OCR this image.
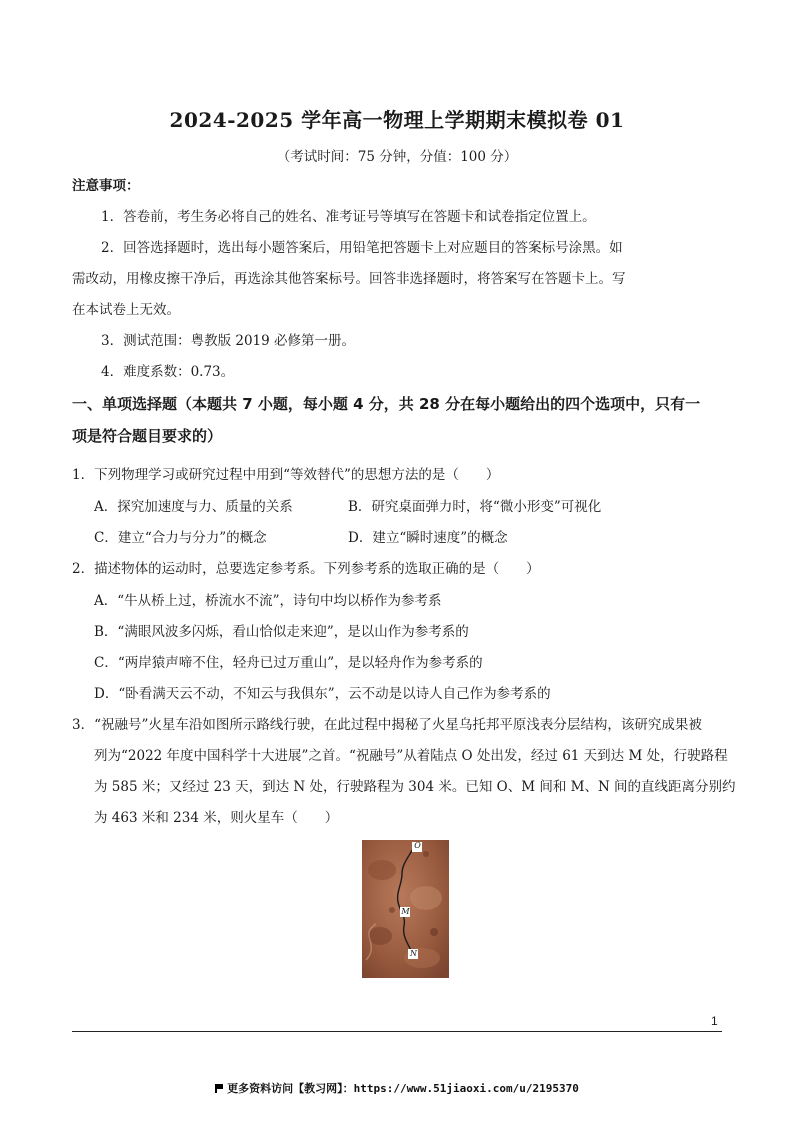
2024-2025 学年高一物理上学期期末模拟卷 01
（考试时间：75 分钟，分值：100 分）
注意事项：
1．答卷前，考生务必将自己的姓名、准考证号等填写在答题卡和试卷指定位置上。
2．回答选择题时，选出每小题答案后，用铅笔把答题卡上对应题目的答案标号涂黑。如
需改动，用橡皮擦干净后，再选涂其他答案标号。回答非选择题时，将答案写在答题卡上。写
在本试卷上无效。
3．测试范围：粤教版 2019 必修第一册。
4．难度系数：0.73。
一、单项选择题（本题共 7 小题，每小题 4 分，共 28 分在每小题给出的四个选项中，只有一
项是符合题目要求的）
1．下列物理学习或研究过程中用到“等效替代”的思想方法的是（　　）
A．探究加速度与力、质量的关系	B．研究桌面弹力时，将“微小形变”可视化
C．建立“合力与分力”的概念	D．建立“瞬时速度”的概念
2．描述物体的运动时，总要选定参考系。下列参考系的选取正确的是（　　）
A．“牛从桥上过，桥流水不流”，诗句中均以桥作为参考系
B．“满眼风波多闪烁，看山恰似走来迎”，是以山作为参考系的
C．“两岸猿声啼不住，轻舟已过万重山”，是以轻舟作为参考系的
D．“卧看满天云不动，不知云与我俱东”，云不动是以诗人自己作为参考系的
3．“祝融号”火星车沿如图所示路线行驶，在此过程中揭秘了火星乌托邦平原浅表分层结构，该研究成果被
列为“2022 年度中国科学十大进展”之首。“祝融号”从着陆点 O 处出发，经过 61 天到达 M 处，行驶路程
为 585 米；又经过 23 天，到达 N 处，行驶路程为 304 米。已知 O、M 间和 M、N 间的直线距离分别约
为 463 米和 234 米，则火星车（　　）
O
M
N
1
更多资料访问【教习网】：https://www.51jiaoxi.com/u/2195370
